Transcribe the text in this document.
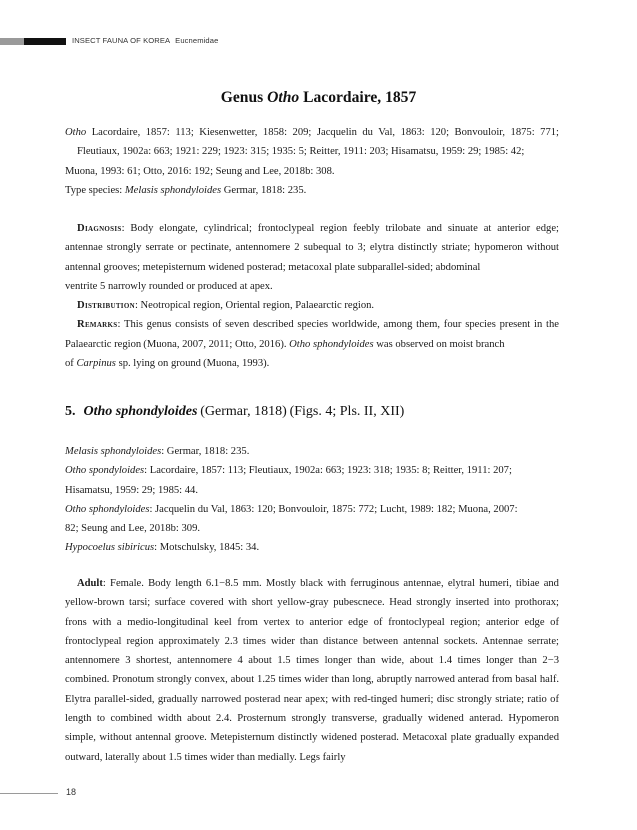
INSECT FAUNA OF KOREA Eucnemidae
Genus Otho Lacordaire, 1857
Otho Lacordaire, 1857: 113; Kiesenwetter, 1858: 209; Jacquelin du Val, 1863: 120; Bonvouloir, 1875: 771; Fleutiaux, 1902a: 663; 1921: 229; 1923: 315; 1935: 5; Reitter, 1911: 203; Hisamatsu, 1959: 29; 1985: 42;
Muona, 1993: 61; Otto, 2016: 192; Seung and Lee, 2018b: 308.
Type species: Melasis sphondyloides Germar, 1818: 235.
Diagnosis: Body elongate, cylindrical; frontoclypeal region feebly trilobate and sinuate at anterior edge; antennae strongly serrate or pectinate, antennomere 2 subequal to 3; elytra distinctly striate; hypomeron without antennal grooves; metepisternum widened posterad; metacoxal plate subparallel-sided; abdominal
ventrite 5 narrowly rounded or produced at apex.
Distribution: Neotropical region, Oriental region, Palaearctic region.
Remarks: This genus consists of seven described species worldwide, among them, four species present in the Palaearctic region (Muona, 2007, 2011; Otto, 2016). Otho sphondyloides was observed on moist branch
of Carpinus sp. lying on ground (Muona, 1993).
5. Otho sphondyloides (Germar, 1818) (Figs. 4; Pls. II, XII)
Melasis sphondyloides: Germar, 1818: 235.
Otho spondyloides: Lacordaire, 1857: 113; Fleutiaux, 1902a: 663; 1923: 318; 1935: 8; Reitter, 1911: 207;
Hisamatsu, 1959: 29; 1985: 44.
Otho sphondyloides: Jacquelin du Val, 1863: 120; Bonvouloir, 1875: 772; Lucht, 1989: 182; Muona, 2007:
82; Seung and Lee, 2018b: 309.
Hypocoelus sibiricus: Motschulsky, 1845: 34.
Adult: Female. Body length 6.1−8.5 mm. Mostly black with ferruginous antennae, elytral humeri, tibiae and yellow-brown tarsi; surface covered with short yellow-gray pubescnece. Head strongly inserted into prothorax; frons with a medio-longitudinal keel from vertex to anterior edge of frontoclypeal region; anterior edge of frontoclypeal region approximately 2.3 times wider than distance between antennal sockets. Antennae serrate; antennomere 3 shortest, antennomere 4 about 1.5 times longer than wide, about 1.4 times longer than 2−3 combined. Pronotum strongly convex, about 1.25 times wider than long, abruptly narrowed anterad from basal half. Elytra parallel-sided, gradually narrowed posterad near apex; with red-tinged humeri; disc strongly striate; ratio of length to combined width about 2.4. Prosternum strongly transverse, gradually widened anterad. Hypomeron simple, without antennal groove. Metepisternum distinctly widened posterad. Metacoxal plate gradually expanded outward, laterally about 1.5 times wider than medially. Legs fairly
18
